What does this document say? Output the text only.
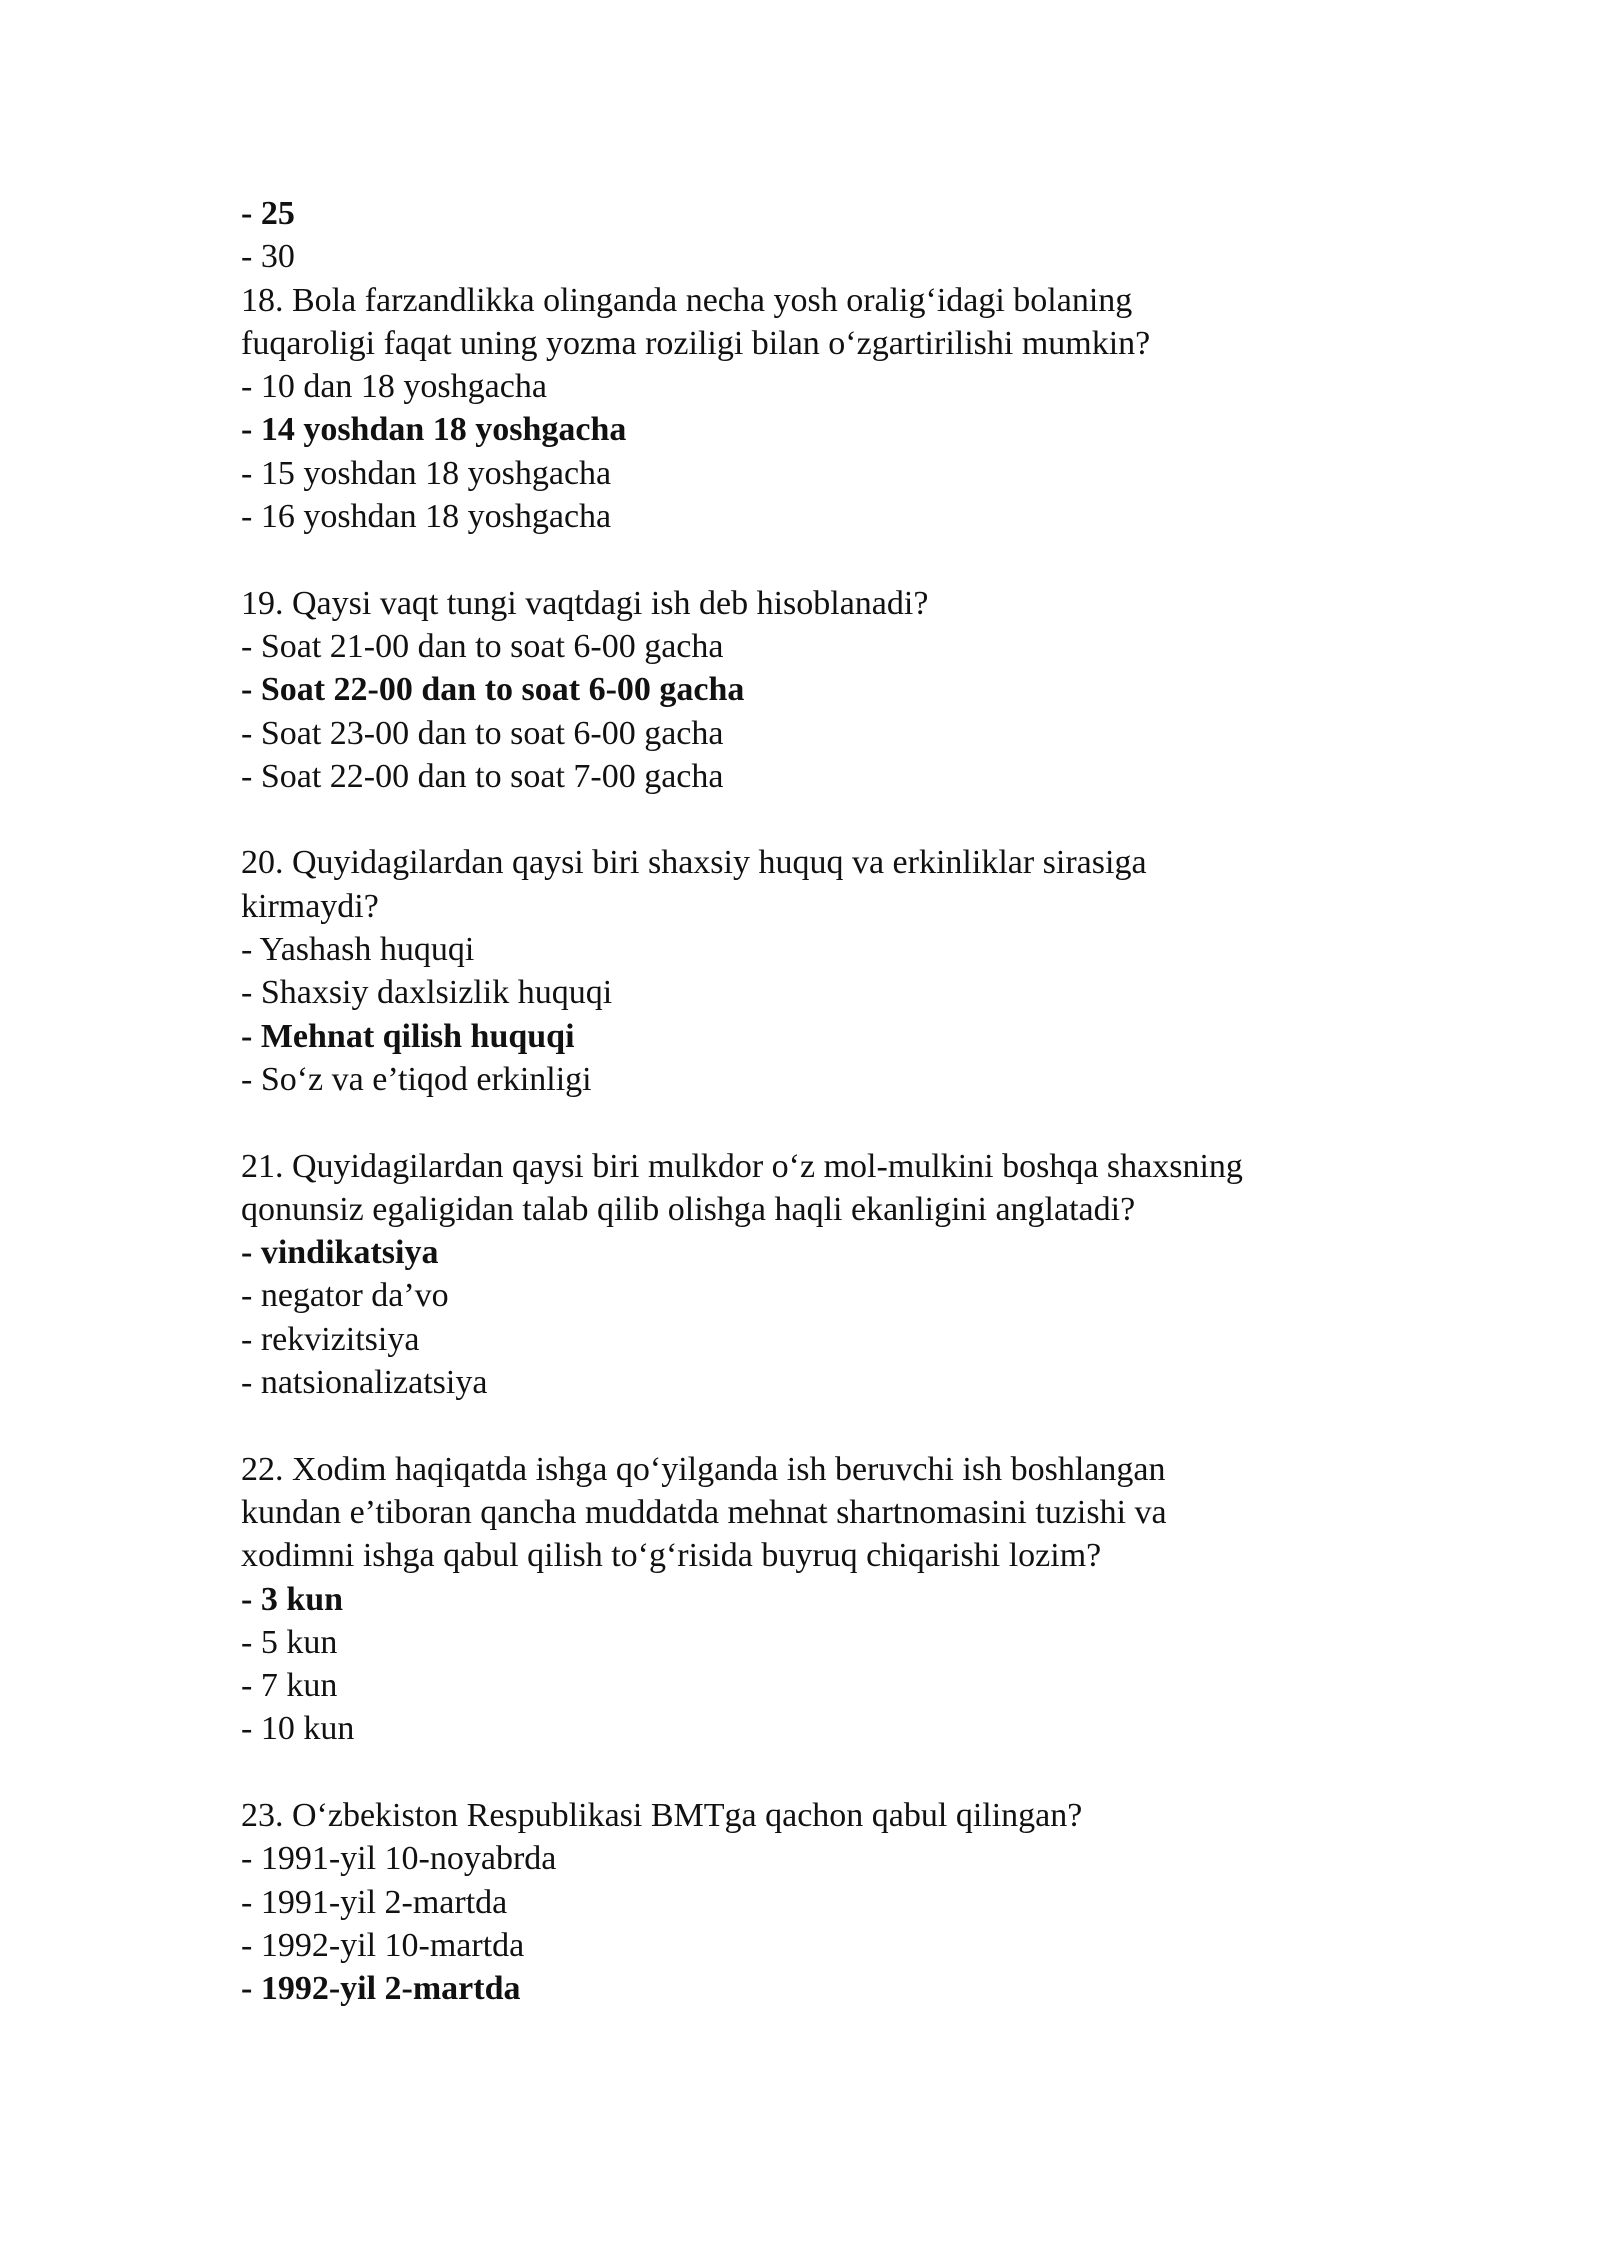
- 25

- 30

18. Bola farzandlikka olinganda necha yosh oralig‘idagi bolaning

fuqaroligi faqat uning yozma roziligi bilan o‘zgartirilishi mumkin?

- 10 dan 18 yoshgacha

- 14 yoshdan 18 yoshgacha

- 15 yoshdan 18 yoshgacha

- 16 yoshdan 18 yoshgacha

19. Qaysi vaqt tungi vaqtdagi ish deb hisoblanadi?

- Soat 21-00 dan to soat 6-00 gacha

- Soat 22-00 dan to soat 6-00 gacha

- Soat 23-00 dan to soat 6-00 gacha

- Soat 22-00 dan to soat 7-00 gacha

20. Quyidagilardan qaysi biri shaxsiy huquq va erkinliklar sirasiga

kirmaydi?

- Yashash huquqi

- Shaxsiy daxlsizlik huquqi

- Mehnat qilish huquqi

- So‘z va e’tiqod erkinligi

21. Quyidagilardan qaysi biri mulkdor o‘z mol-mulkini boshqa shaxsning

qonunsiz egaligidan talab qilib olishga haqli ekanligini anglatadi?

- vindikatsiya

- negator da’vo

- rekvizitsiya

- natsionalizatsiya

22. Xodim haqiqatda ishga qo‘yilganda ish beruvchi ish boshlangan

kundan e’tiboran qancha muddatda mehnat shartnomasini tuzishi va

xodimni ishga qabul qilish to‘g‘risida buyruq chiqarishi lozim?

- 3 kun

- 5 kun

- 7 kun

- 10 kun

23. O‘zbekiston Respublikasi BMTga qachon qabul qilingan?

- 1991-yil 10-noyabrda

- 1991-yil 2-martda

- 1992-yil 10-martda

- 1992-yil 2-martda
